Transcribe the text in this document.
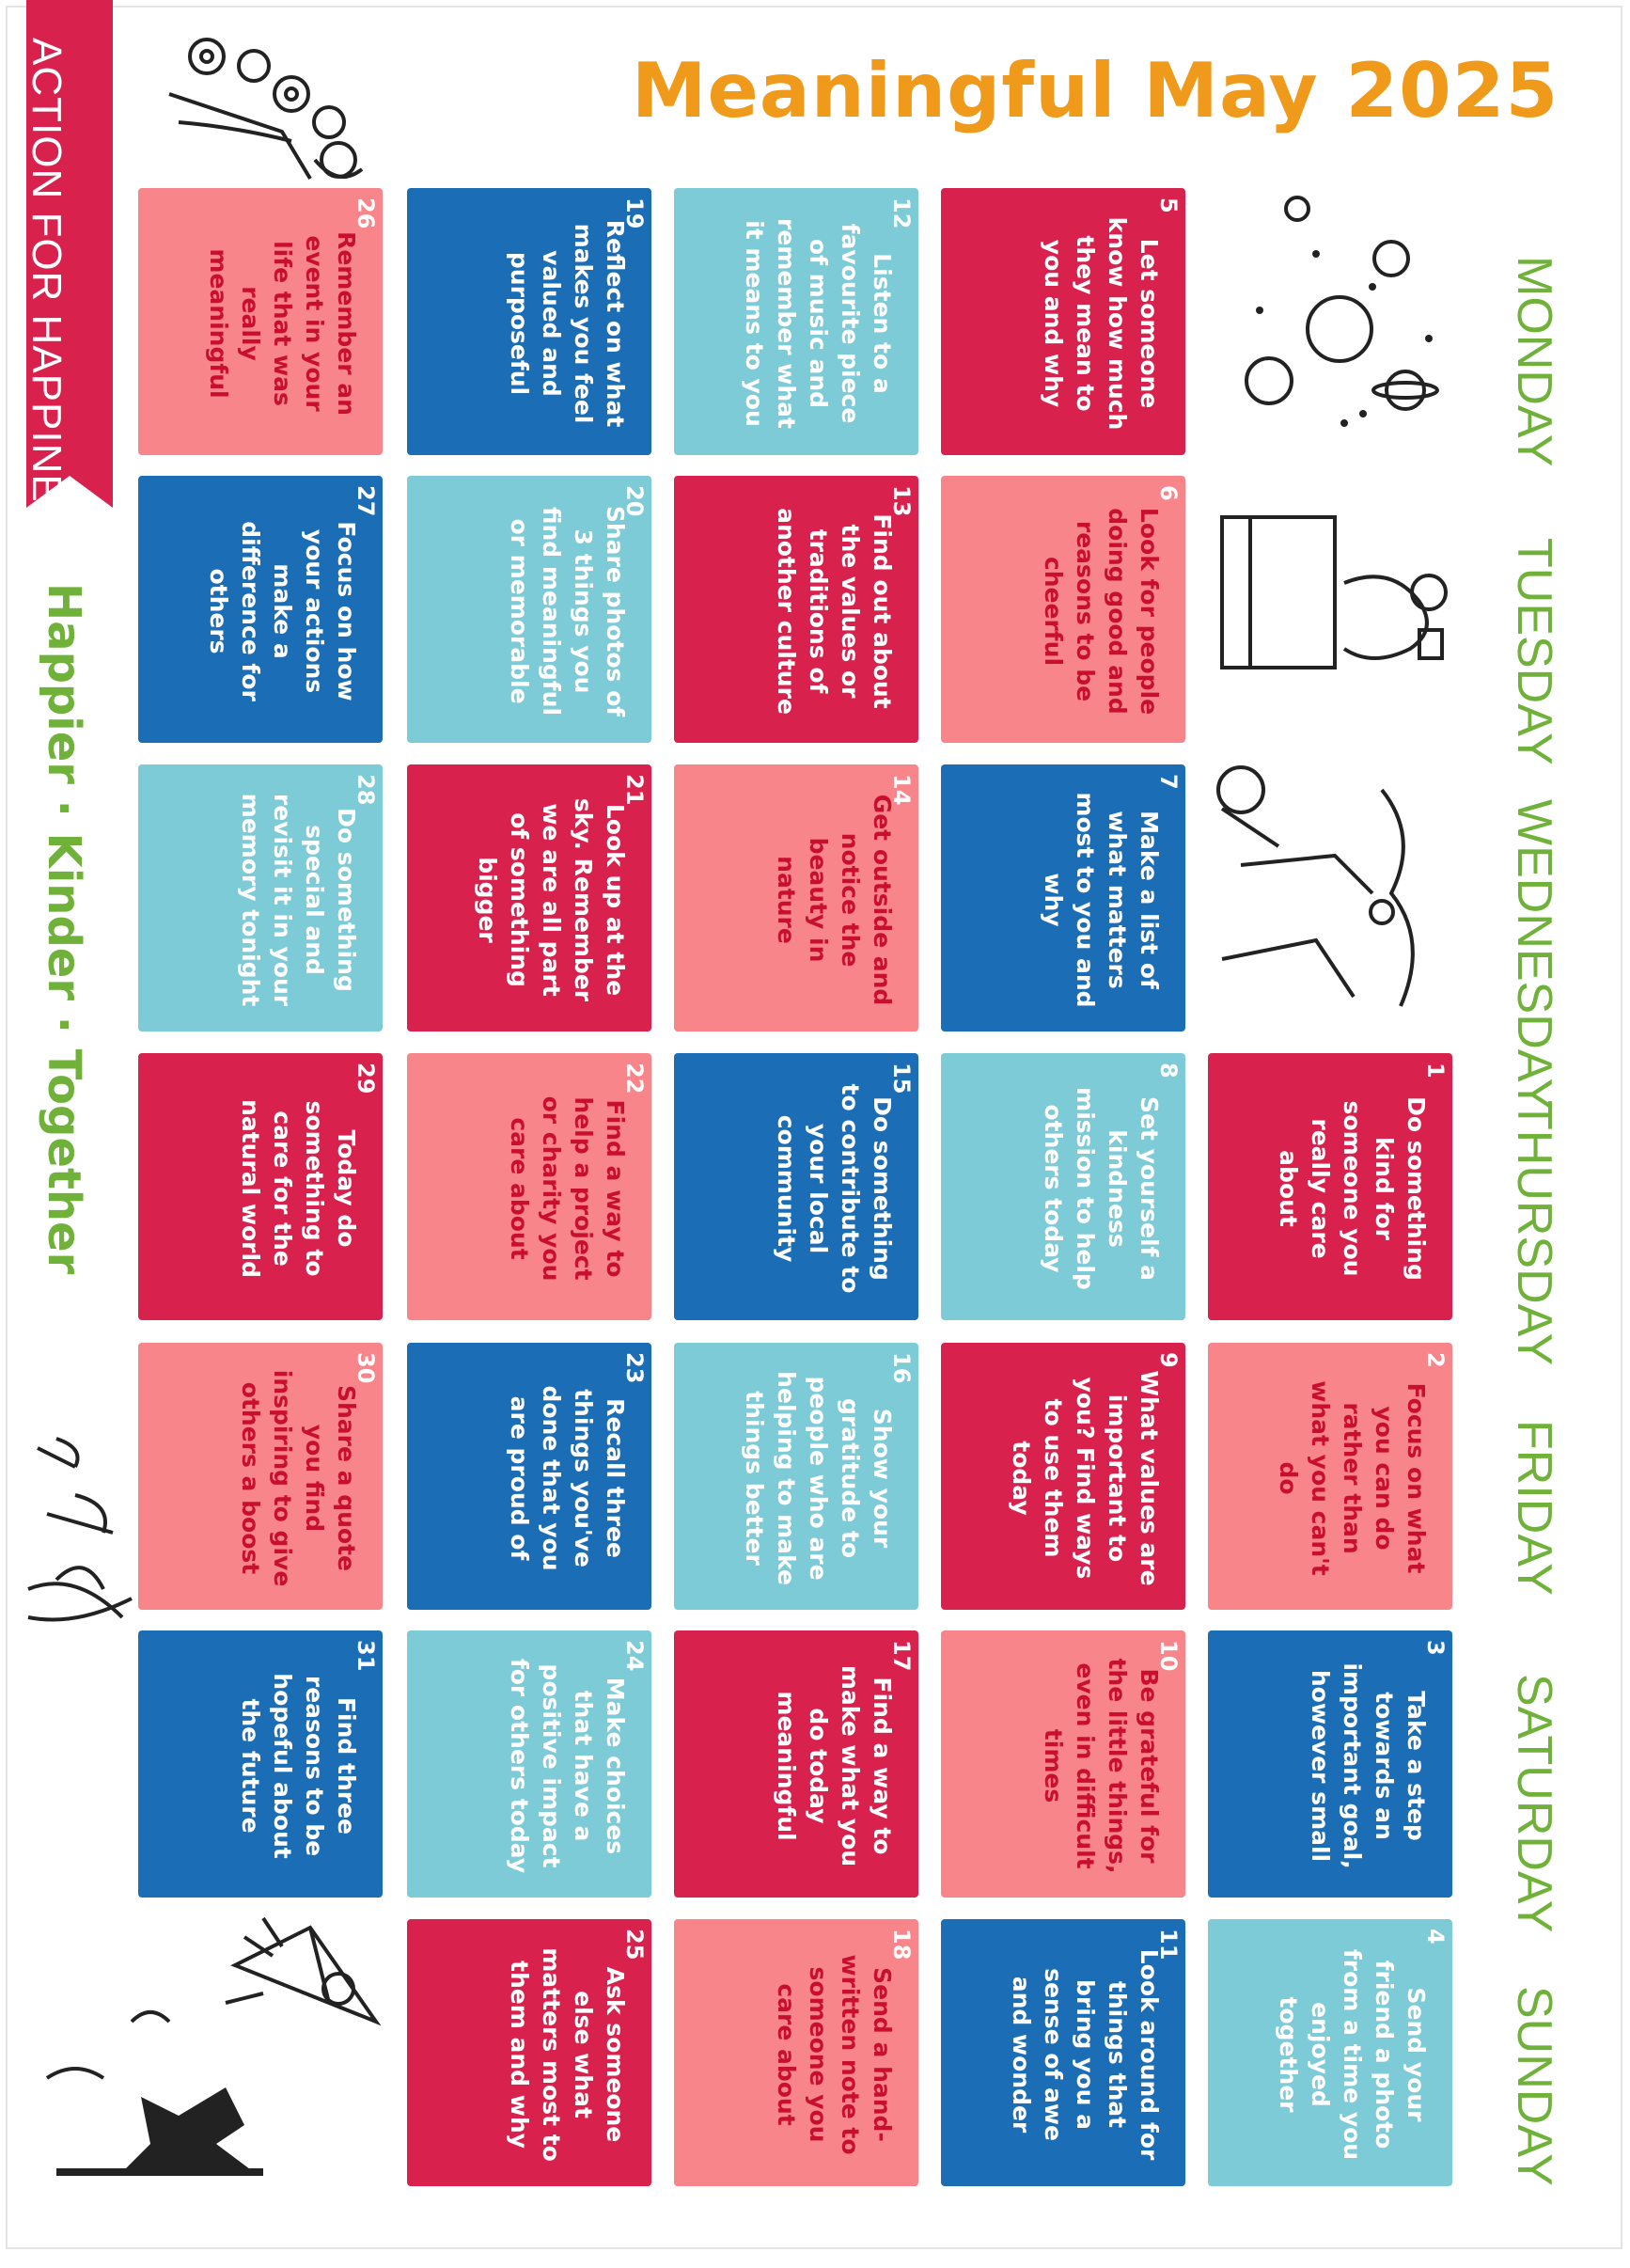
Meaningful May 2025
ACTION FOR HAPPINESS
Happier · Kinder · Together
MONDAY
TUESDAY
WEDNESDAY
THURSDAY
FRIDAY
SATURDAY
SUNDAY
1
Do something kind for someone you really care about
2
Focus on what you can do rather than what you can't do
3
Take a step towards an important goal, however small
4
Send your friend a photo from a time you enjoyed together
5
Let someone know how much they mean to you and why
6
Look for people doing good and reasons to be cheerful
7
Make a list of what matters most to you and why
8
Set yourself a kindness mission to help others today
9
What values are important to you? Find ways to use them today
10
Be grateful for the little things, even in difficult times
11
Look around for things that bring you a sense of awe and wonder
12
Listen to a favourite piece of music and remember what it means to you
13
Find out about the values or traditions of another culture
14
Get outside and notice the beauty in nature
15
Do something to contribute to your local community
16
Show your gratitude to people who are helping to make things better
17
Find a way to make what you do today meaningful
18
Send a hand-written note to someone you care about
19
Reflect on what makes you feel valued and purposeful
20
Share photos of 3 things you find meaningful or memorable
21
Look up at the sky. Remember we are all part of something bigger
22
Find a way to help a project or charity you care about
23
Recall three things you've done that you are proud of
24
Make choices that have a positive impact for others today
25
Ask someone else what matters most to them and why
26
Remember an event in your life that was really meaningful
27
Focus on how your actions make a difference for others
28
Do something special and revisit it in your memory tonight
29
Today do something to care for the natural world
30
Share a quote you find inspiring to give others a boost
31
Find three reasons to be hopeful about the future
